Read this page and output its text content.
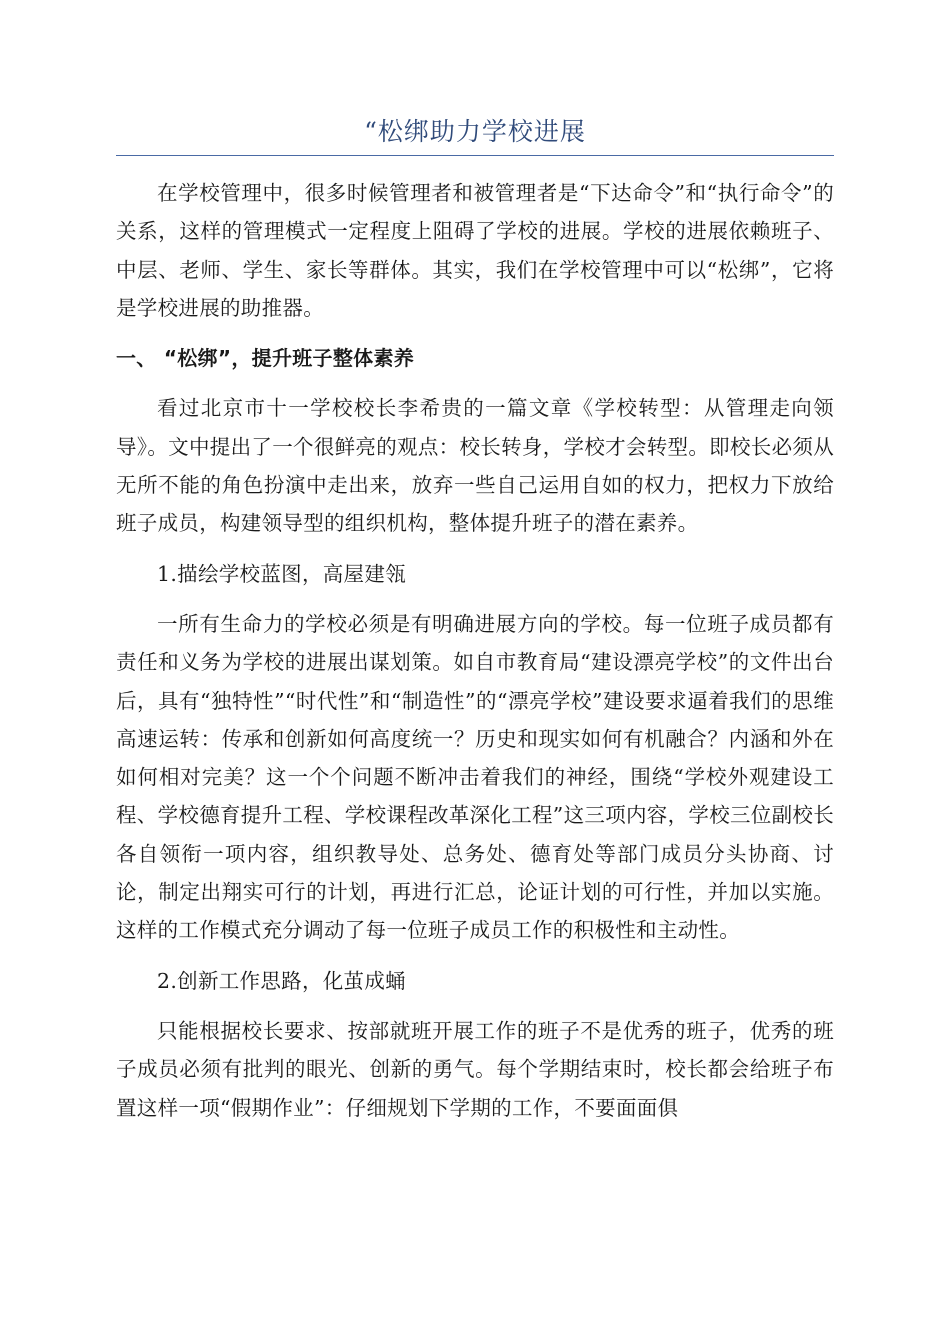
“松绑助力学校进展

在学校管理中，很多时候管理者和被管理者是“下达命令”和“执行命令”的关系，这样的管理模式一定程度上阻碍了学校的进展。学校的进展依赖班子、中层、老师、学生、家长等群体。其实，我们在学校管理中可以“松绑”，它将是学校进展的助推器。

一、 “松绑”，提升班子整体素养

看过北京市十一学校校长李希贵的一篇文章《学校转型：从管理走向领导》。文中提出了一个很鲜亮的观点：校长转身，学校才会转型。即校长必须从无所不能的角色扮演中走出来，放弃一些自己运用自如的权力，把权力下放给班子成员，构建领导型的组织机构，整体提升班子的潜在素养。

1.描绘学校蓝图，高屋建瓴

一所有生命力的学校必须是有明确进展方向的学校。每一位班子成员都有责任和义务为学校的进展出谋划策。如自市教育局“建设漂亮学校”的文件出台后，具有“独特性”“时代性”和“制造性”的“漂亮学校”建设要求逼着我们的思维高速运转：传承和创新如何高度统一？历史和现实如何有机融合？内涵和外在如何相对完美？这一个个问题不断冲击着我们的神经，围绕“学校外观建设工程、学校德育提升工程、学校课程改革深化工程”这三项内容，学校三位副校长各自领衔一项内容，组织教导处、总务处、德育处等部门成员分头协商、讨论，制定出翔实可行的计划，再进行汇总，论证计划的可行性，并加以实施。这样的工作模式充分调动了每一位班子成员工作的积极性和主动性。

2.创新工作思路，化茧成蛹

只能根据校长要求、按部就班开展工作的班子不是优秀的班子，优秀的班子成员必须有批判的眼光、创新的勇气。每个学期结束时，校长都会给班子布置这样一项“假期作业”：仔细规划下学期的工作，不要面面俱
